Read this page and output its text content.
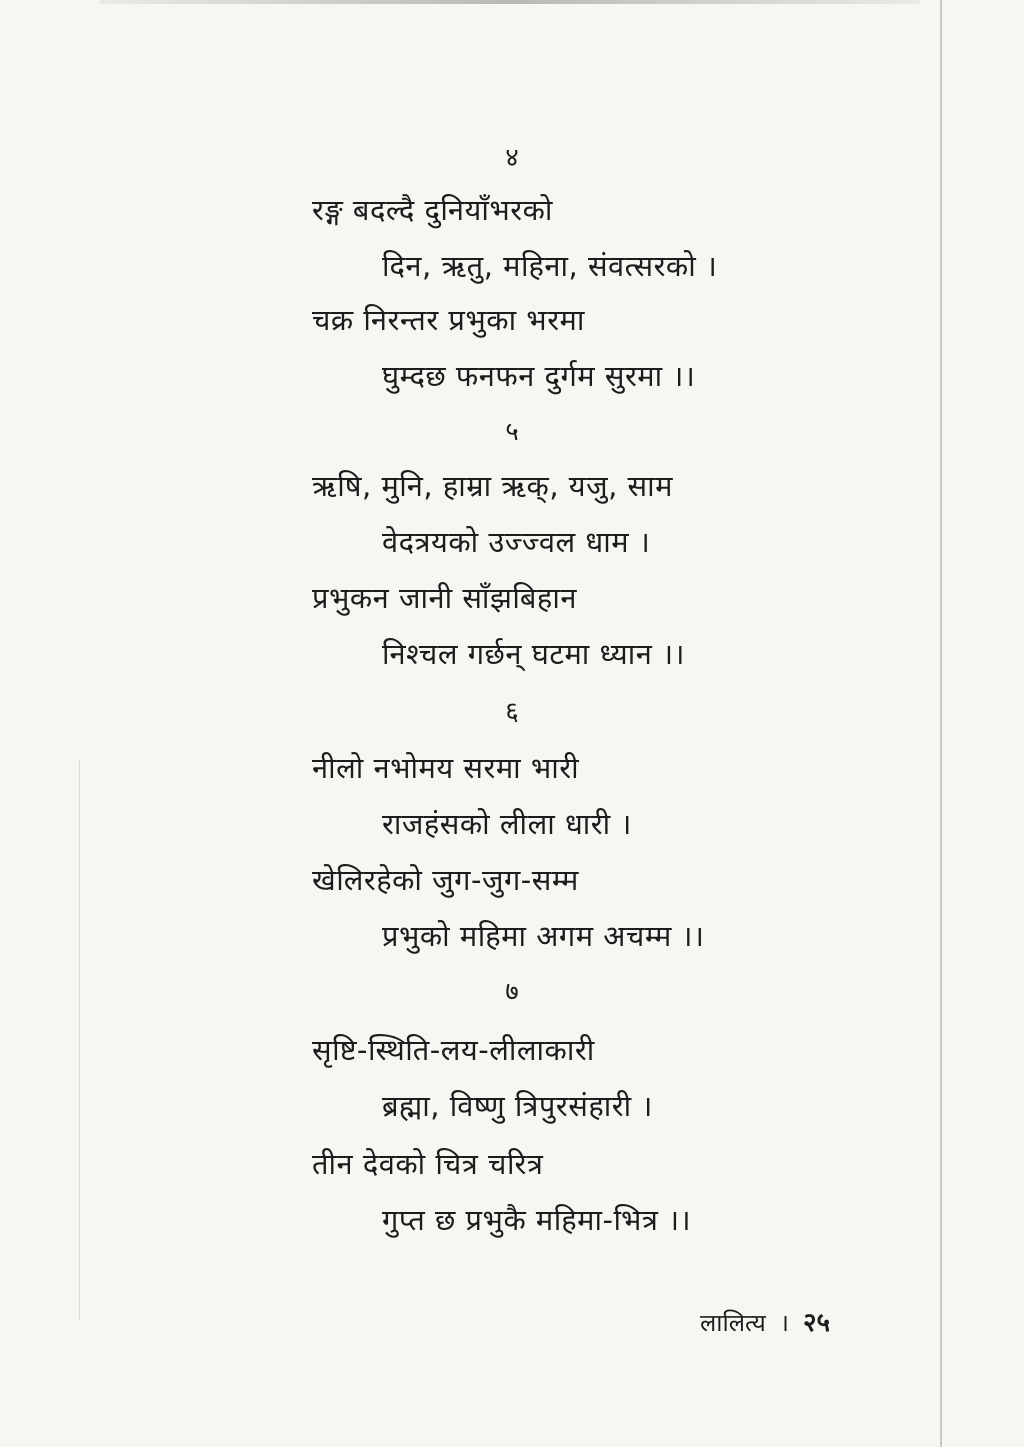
४
रङ्ग बदल्दै दुनियाँभरको
दिन, ऋतु, महिना, संवत्सरको ।
चक्र निरन्तर प्रभुका भरमा
घुम्दछ फनफन दुर्गम सुरमा ।।
५
ऋषि, मुनि, हाम्रा ऋक्, यजु, साम
वेदत्रयको उज्ज्वल धाम ।
प्रभुकन जानी साँझबिहान
निश्चल गर्छन् घटमा ध्यान ।।
६
नीलो नभोमय सरमा भारी
राजहंसको लीला धारी ।
खेलिरहेको जुग-जुग-सम्म
प्रभुको महिमा अगम अचम्म ।।
७
सृष्टि-स्थिति-लय-लीलाकारी
ब्रह्मा, विष्णु त्रिपुरसंहारी ।
तीन देवको चित्र चरित्र
गुप्त छ प्रभुकै महिमा-भित्र ।।
लालित्य । २५
